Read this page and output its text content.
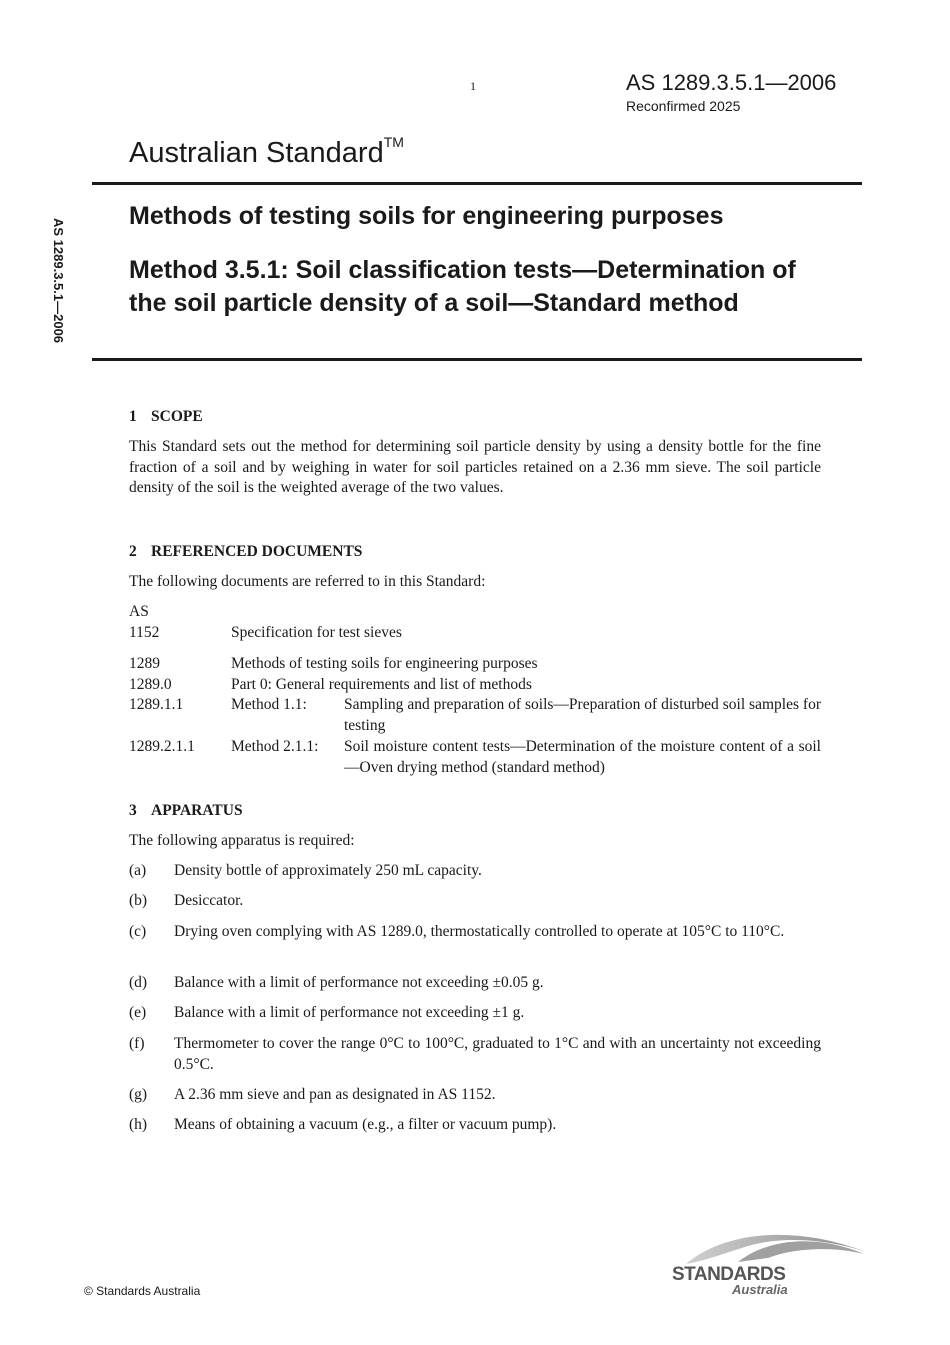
1	AS 1289.3.5.1—2006
Reconfirmed 2025
Australian Standard™
AS 1289.3.5.1—2006
Methods of testing soils for engineering purposes
Method 3.5.1: Soil classification tests—Determination of the soil particle density of a soil—Standard method
1 SCOPE
This Standard sets out the method for determining soil particle density by using a density bottle for the fine fraction of a soil and by weighing in water for soil particles retained on a 2.36 mm sieve. The soil particle density of the soil is the weighted average of the two values.
2 REFERENCED DOCUMENTS
The following documents are referred to in this Standard:
AS
1152	Specification for test sieves
1289	Methods of testing soils for engineering purposes
1289.0	Part 0: General requirements and list of methods
1289.1.1	Method 1.1: Sampling and preparation of soils—Preparation of disturbed soil samples for testing
1289.2.1.1 Method 2.1.1: Soil moisture content tests—Determination of the moisture content of a soil—Oven drying method (standard method)
3 APPARATUS
The following apparatus is required:
(a) Density bottle of approximately 250 mL capacity.
(b) Desiccator.
(c) Drying oven complying with AS 1289.0, thermostatically controlled to operate at 105°C to 110°C.
(d) Balance with a limit of performance not exceeding ±0.05 g.
(e) Balance with a limit of performance not exceeding ±1 g.
(f) Thermometer to cover the range 0°C to 100°C, graduated to 1°C and with an uncertainty not exceeding 0.5°C.
(g) A 2.36 mm sieve and pan as designated in AS 1152.
(h) Means of obtaining a vacuum (e.g., a filter or vacuum pump).
© Standards Australia
STANDARDS
Australia
